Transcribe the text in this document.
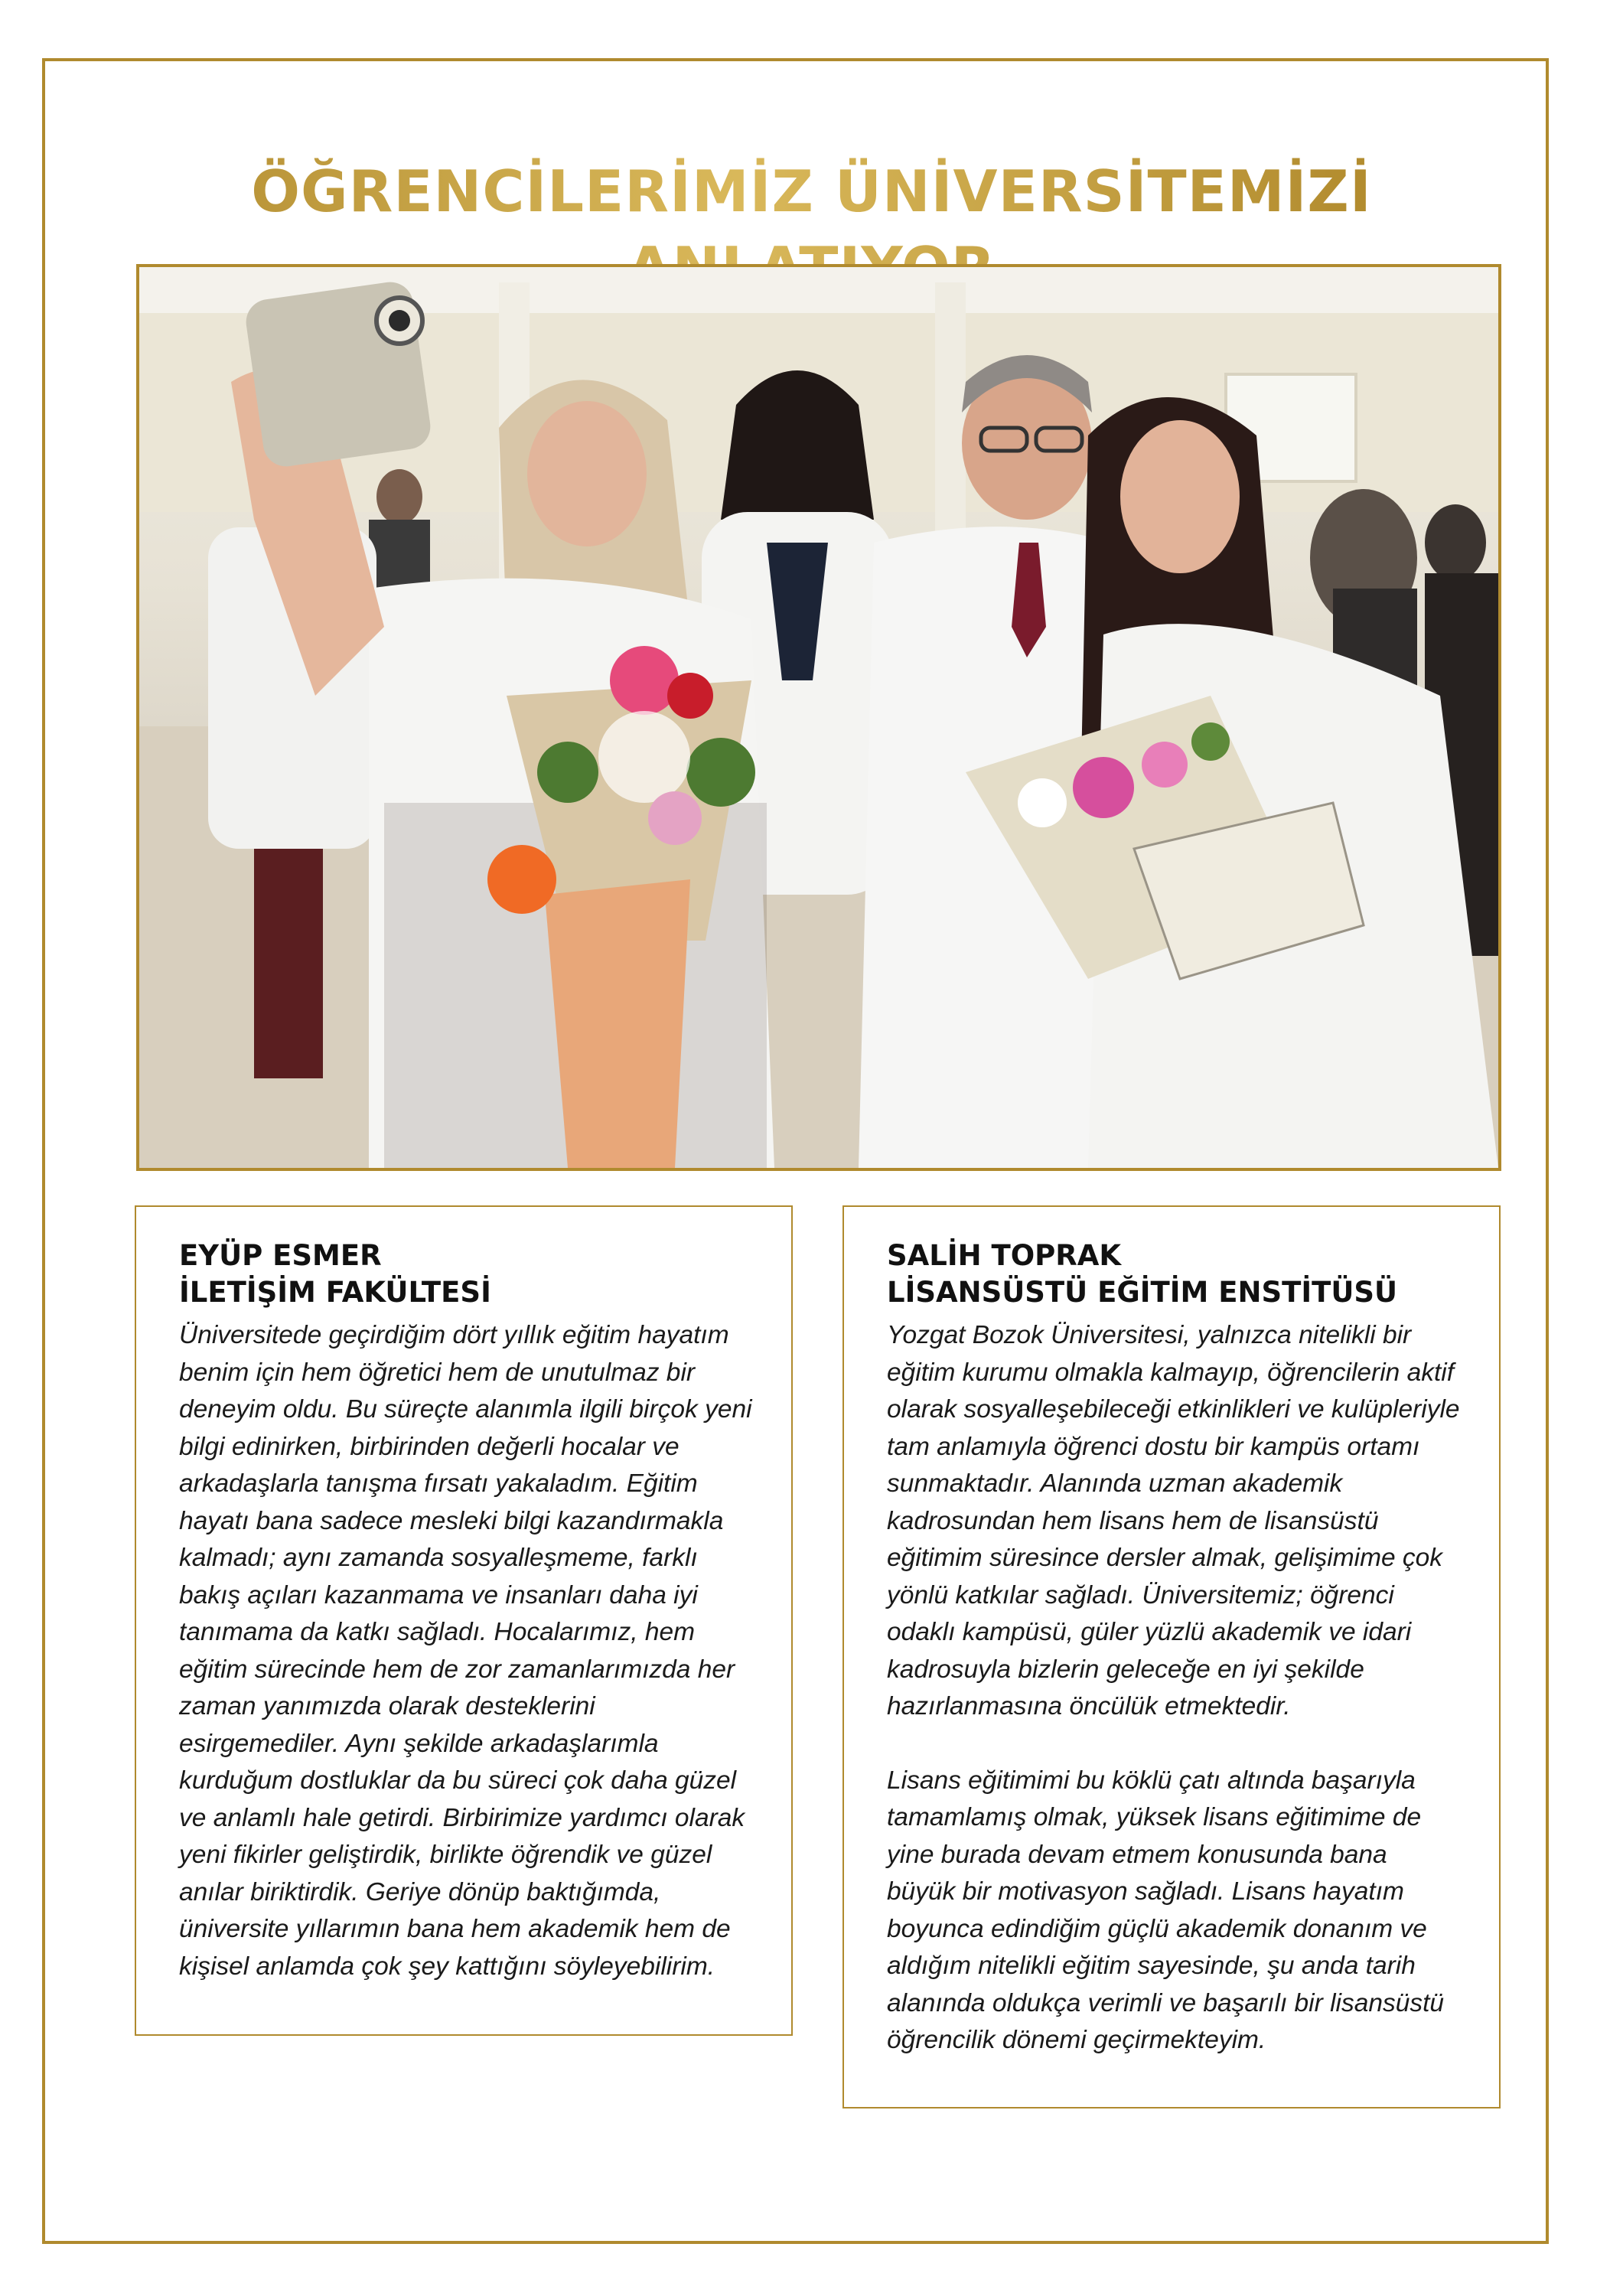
ÖĞRENCİLERİMİZ ÜNİVERSİTEMİZİ

EYÜP ESMER

İLETİŞİM FAKÜLTESİ

Üniversitede geçirdiğim dört yıllık eğitim hayatım benim için hem öğretici hem de unutulmaz bir deneyim oldu. Bu süreçte alanımla ilgili birçok yeni bilgi edinirken, birbirinden değerli hocalar ve arkadaşlarla tanışma fırsatı yakaladım. Eğitim hayatı bana sadece mesleki bilgi kazandırmakla kalmadı; aynı zamanda sosyalleşmeme, farklı bakış açıları kazanmama ve insanları daha iyi tanımama da katkı sağladı. Hocalarımız, hem eğitim sürecinde hem de zor zamanlarımızda her zaman yanımızda olarak desteklerini esirgemediler. Aynı şekilde arkadaşlarımla kurduğum dostluklar da bu süreci çok daha güzel ve anlamlı hale getirdi. Birbirimize yardımcı olarak yeni fikirler geliştirdik, birlikte öğrendik ve güzel anılar biriktirdik. Geriye dönüp baktığımda, üniversite yıllarımın bana hem akademik hem de kişisel anlamda çok şey kattığını söyleyebilirim.

SALİH TOPRAK

LİSANSÜSTÜ EĞİTİM ENSTİTÜSÜ

Yozgat Bozok Üniversitesi, yalnızca nitelikli bir eğitim kurumu olmakla kalmayıp, öğrencilerin aktif olarak sosyalleşebileceği etkinlikleri ve kulüpleriyle tam anlamıyla öğrenci dostu bir kampüs ortamı sunmaktadır. Alanında uzman akademik kadrosundan hem lisans hem de lisansüstü eğitimim süresince dersler almak, gelişimime çok yönlü katkılar sağladı. Üniversitemiz; öğrenci odaklı kampüsü, güler yüzlü akademik ve idari kadrosuyla bizlerin geleceğe en iyi şekilde hazırlanmasına öncülük etmektedir.

Lisans eğitimimi bu köklü çatı altında başarıyla tamamlamış olmak, yüksek lisans eğitimime de yine burada devam etmem konusunda bana büyük bir motivasyon sağladı. Lisans hayatım boyunca edindiğim güçlü akademik donanım ve aldığım nitelikli eğitim sayesinde, şu anda tarih alanında oldukça verimli ve başarılı bir lisansüstü öğrencilik dönemi geçirmekteyim.
